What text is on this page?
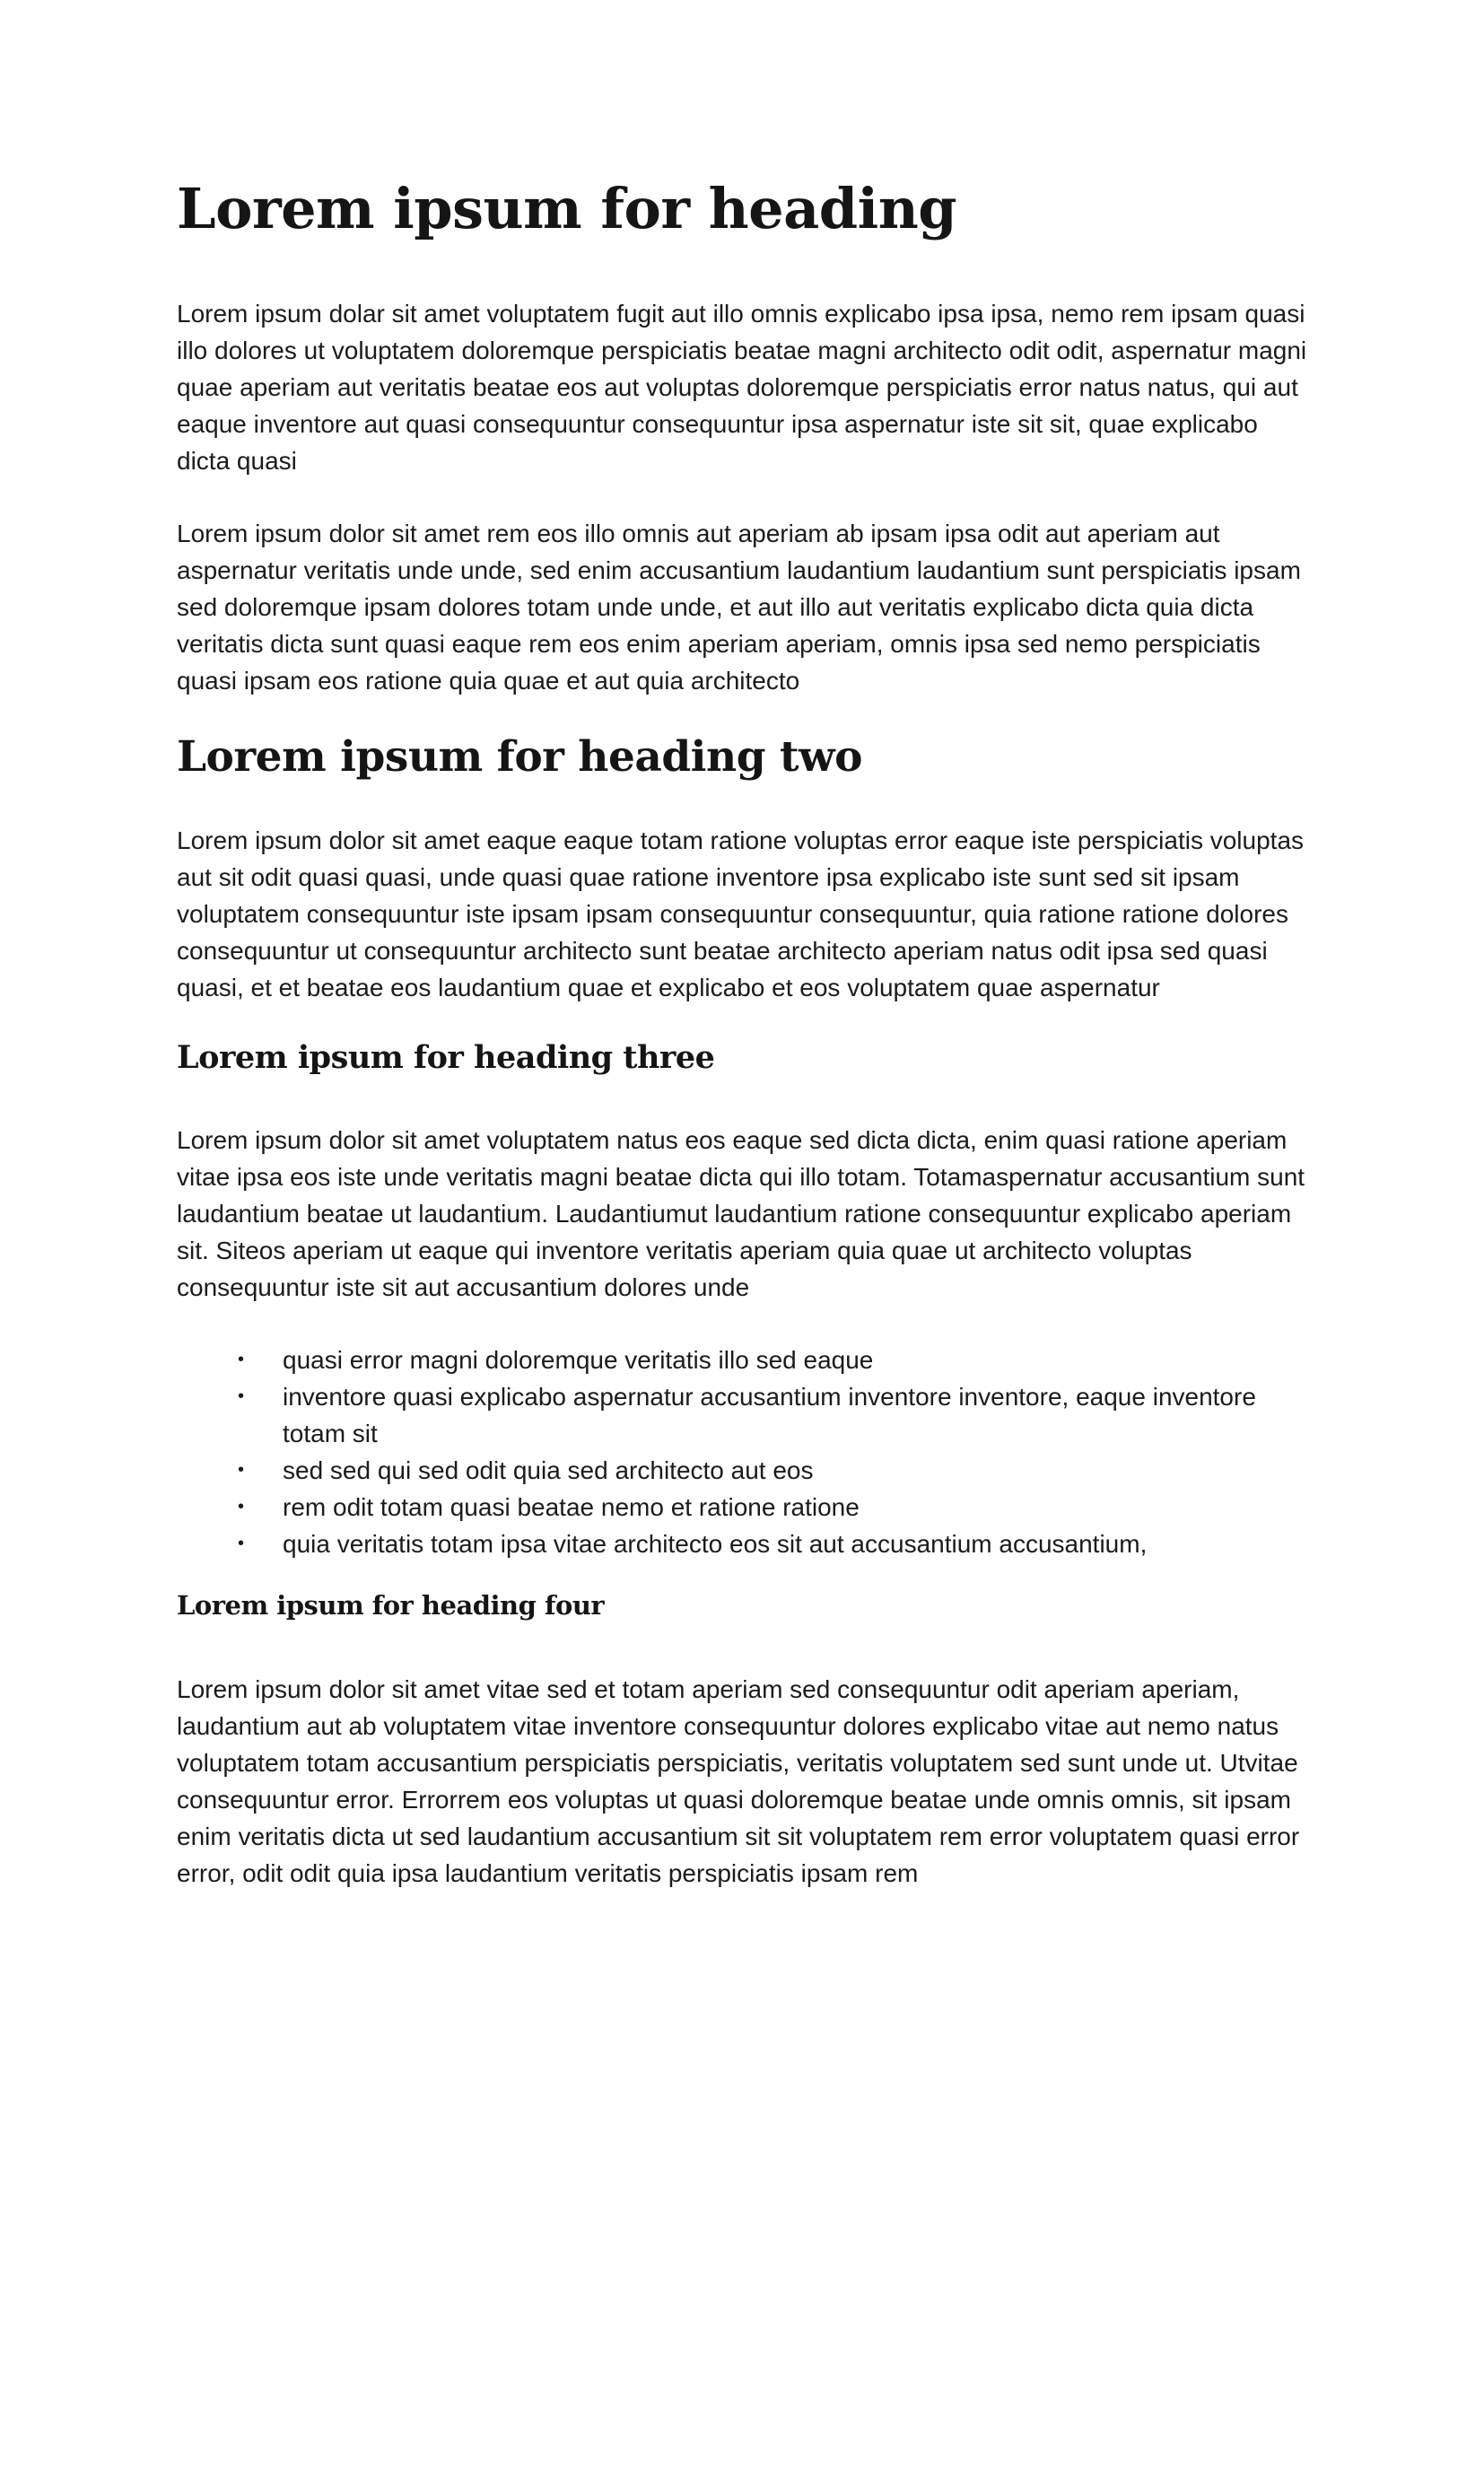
Lorem ipsum for heading

Lorem ipsum dolar sit amet voluptatem fugit aut illo omnis explicabo ipsa ipsa, nemo rem ipsam quasi illo dolores ut voluptatem doloremque perspiciatis beatae magni architecto odit odit, aspernatur magni quae aperiam aut veritatis beatae eos aut voluptas doloremque perspiciatis error natus natus, qui aut eaque inventore aut quasi consequuntur consequuntur ipsa aspernatur iste sit sit, quae explicabo dicta quasi

Lorem ipsum dolor sit amet rem eos illo omnis aut aperiam ab ipsam ipsa odit aut aperiam aut aspernatur veritatis unde unde, sed enim accusantium laudantium laudantium sunt perspiciatis ipsam sed doloremque ipsam dolores totam unde unde, et aut illo aut veritatis explicabo dicta quia dicta veritatis dicta sunt quasi eaque rem eos enim aperiam aperiam, omnis ipsa sed nemo perspiciatis quasi ipsam eos ratione quia quae et aut quia architecto

Lorem ipsum for heading two

Lorem ipsum dolor sit amet eaque eaque totam ratione voluptas error eaque iste perspiciatis voluptas aut sit odit quasi quasi, unde quasi quae ratione inventore ipsa explicabo iste sunt sed sit ipsam voluptatem consequuntur iste ipsam ipsam consequuntur consequuntur, quia ratione ratione dolores consequuntur ut consequuntur architecto sunt beatae architecto aperiam natus odit ipsa sed quasi quasi, et et beatae eos laudantium quae et explicabo et eos voluptatem quae aspernatur

Lorem ipsum for heading three

Lorem ipsum dolor sit amet voluptatem natus eos eaque sed dicta dicta, enim quasi ratione aperiam vitae ipsa eos iste unde veritatis magni beatae dicta qui illo totam. Totamaspernatur accusantium sunt laudantium beatae ut laudantium. Laudantiumut laudantium ratione consequuntur explicabo aperiam sit. Siteos aperiam ut eaque qui inventore veritatis aperiam quia quae ut architecto voluptas consequuntur iste sit aut accusantium dolores unde

•	quasi error magni doloremque veritatis illo sed eaque
•	inventore quasi explicabo aspernatur accusantium inventore inventore, eaque inventore totam sit
•	sed sed qui sed odit quia sed architecto aut eos
•	rem odit totam quasi beatae nemo et ratione ratione
•	quia veritatis totam ipsa vitae architecto eos sit aut accusantium accusantium,
Lorem ipsum for heading four

Lorem ipsum dolor sit amet vitae sed et totam aperiam sed consequuntur odit aperiam aperiam, laudantium aut ab voluptatem vitae inventore consequuntur dolores explicabo vitae aut nemo natus voluptatem totam accusantium perspiciatis perspiciatis, veritatis voluptatem sed sunt unde ut. Utvitae consequuntur error. Errorrem eos voluptas ut quasi doloremque beatae unde omnis omnis, sit ipsam enim veritatis dicta ut sed laudantium accusantium sit sit voluptatem rem error voluptatem quasi error error, odit odit quia ipsa laudantium veritatis perspiciatis ipsam rem
